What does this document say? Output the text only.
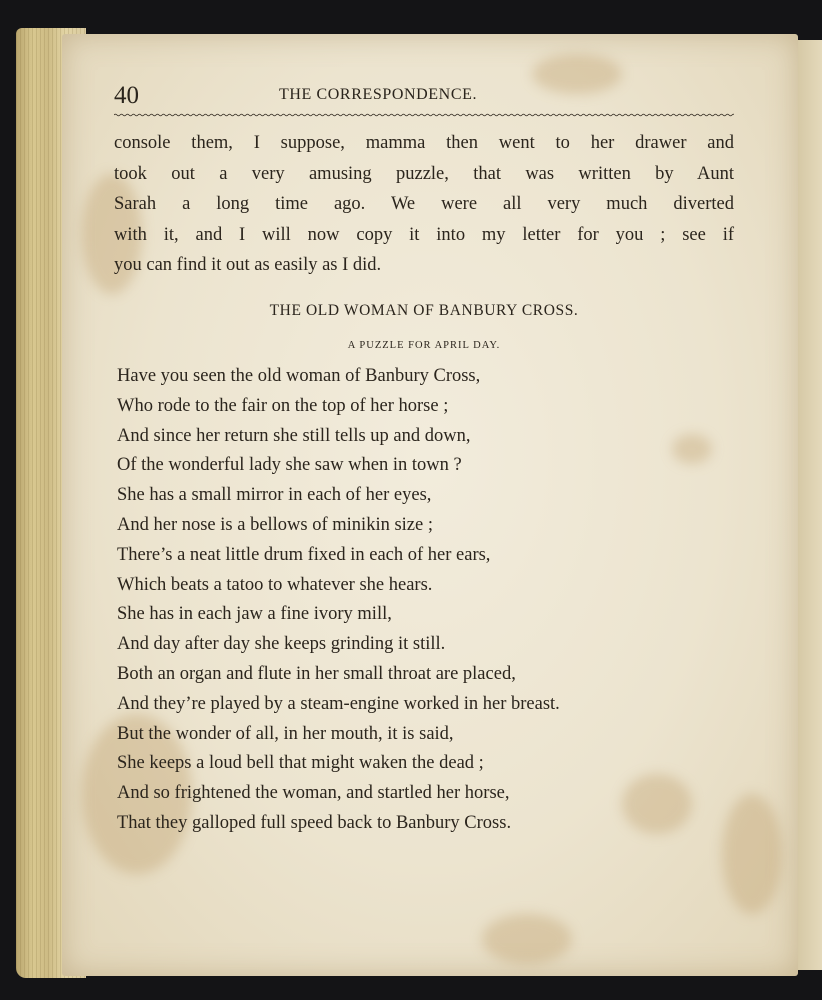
40	THE CORRESPONDENCE.
console them, I suppose, mamma then went to her drawer and
took out a very amusing puzzle, that was written by Aunt
Sarah a long time ago. We were all very much diverted
with it, and I will now copy it into my letter for you ; see if
you can find it out as easily as I did.
THE OLD WOMAN OF BANBURY CROSS.
A PUZZLE FOR APRIL DAY.
Have you seen the old woman of Banbury Cross,
Who rode to the fair on the top of her horse ;
And since her return she still tells up and down,
Of the wonderful lady she saw when in town ?
She has a small mirror in each of her eyes,
And her nose is a bellows of minikin size ;
There’s a neat little drum fixed in each of her ears,
Which beats a tatoo to whatever she hears.
She has in each jaw a fine ivory mill,
And day after day she keeps grinding it still.
Both an organ and flute in her small throat are placed,
And they’re played by a steam-engine worked in her breast.
But the wonder of all, in her mouth, it is said,
She keeps a loud bell that might waken the dead ;
And so frightened the woman, and startled her horse,
That they galloped full speed back to Banbury Cross.
